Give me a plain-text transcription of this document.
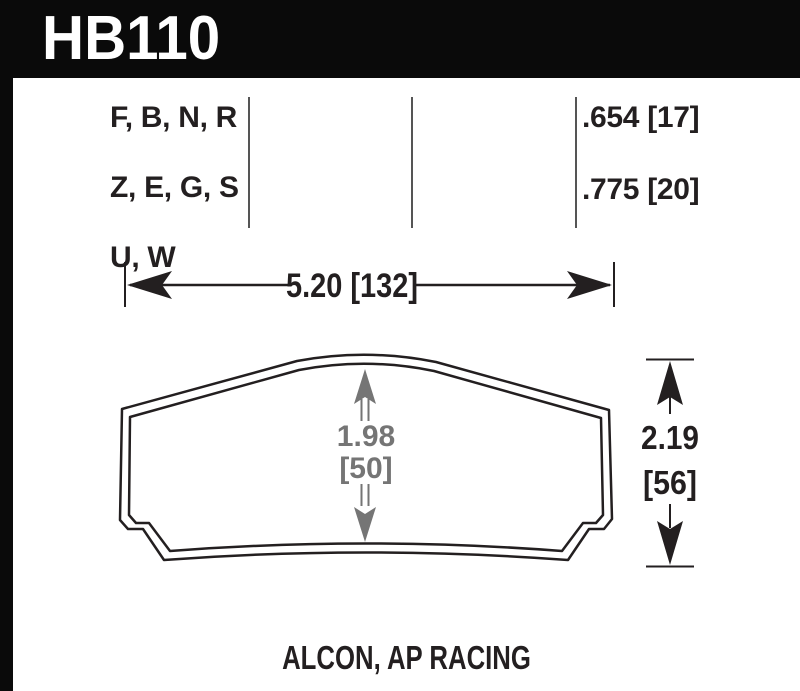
HB110
F, B, N, R

Z, E, G, S

U, W
.654 [17]

.775 [20]
5.20 [132]
1.98
[50]
2.19
[56]
ALCON, AP RACING
